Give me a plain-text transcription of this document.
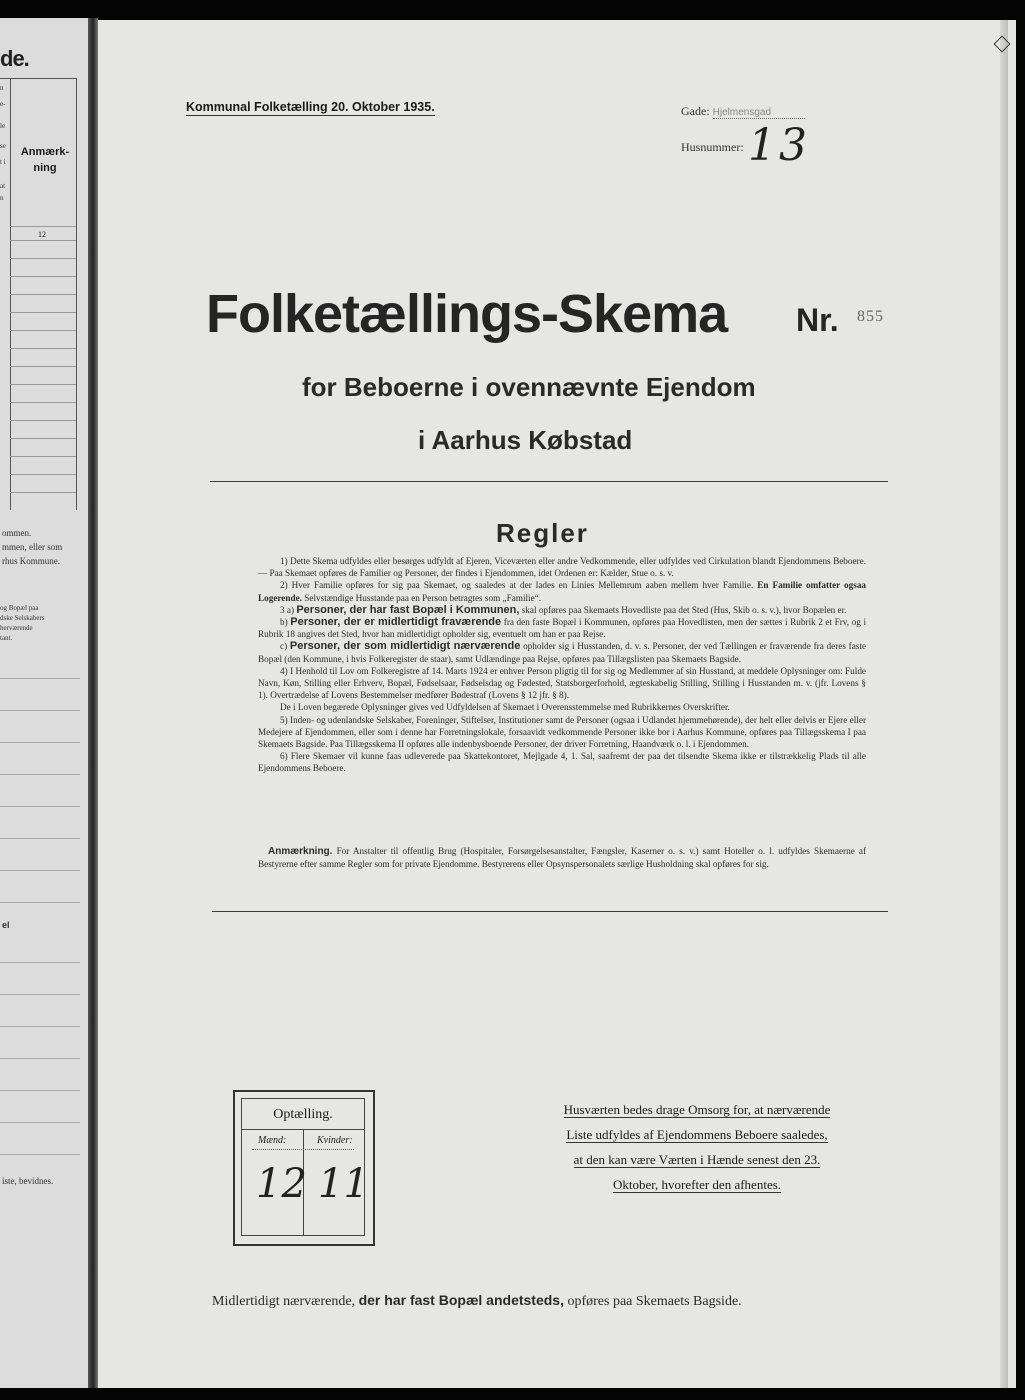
de.
n
e-
le
se
t i
at
n
Anmærk-ning
12
ommen.
mmen, eller som
rhus Kommune.
og Bopæl paa
dske Selskabers
herværende
tant.
el
iste, bevidnes.
Kommunal Folketælling 20. Oktober 1935.	Gade: Hjelmensgad
Husnummer: 13
Folketællings-Skema Nr. 855
for Beboerne i ovennævnte Ejendom
i Aarhus Købstad
Regler

1) Dette Skema udfyldes eller besørges udfyldt af Ejeren, Viceværten eller andre Vedkommende, eller udfyldes ved Cirkulation blandt Ejendommens Beboere. — Paa Skemaet opføres de Familier og Personer, der findes i Ejendommen, idet Ordenen er: Kælder, Stue o. s. v.

2) Hver Familie opføres for sig paa Skemaet, og saaledes at der lades en Linies Mellemrum aaben mellem hver Familie. En Familie omfatter ogsaa Logerende. Selvstændige Husstande paa en Person betragtes som „Familie“.

3 a) Personer, der har fast Bopæl i Kommunen, skal opføres paa Skemaets Hovedliste paa det Sted (Hus, Skib o. s. v.), hvor Bopælen er.

b) Personer, der er midlertidigt fraværende fra den faste Bopæl i Kommunen, opføres paa Hovedlisten, men der sættes i Rubrik 2 et Frv, og i Rubrik 18 angives det Sted, hvor han midlertidigt opholder sig, eventuelt om han er paa Rejse.

c) Personer, der som midlertidigt nærværende opholder sig i Husstanden, d. v. s. Personer, der ved Tællingen er fraværende fra deres faste Bopæl (den Kommune, i hvis Folkeregister de staar), samt Udlændinge paa Rejse, opføres paa Tillægslisten paa Skemaets Bagside.

4) I Henhold til Lov om Folkeregistre af 14. Marts 1924 er enhver Person pligtig til for sig og Medlemmer af sin Husstand, at meddele Oplysninger om: Fulde Navn, Køn, Stilling eller Erhverv, Bopæl, Fødselsaar, Fødselsdag og Fødested, Statsborgerforhold, ægteskabelig Stilling, Stilling i Husstanden m. v. (jfr. Lovens § 1). Overtrædelse af Lovens Bestemmelser medfører Bødestraf (Lovens § 12 jfr. § 8).

De i Loven begærede Oplysninger gives ved Udfyldelsen af Skemaet i Overensstemmelse med Rubrikkernes Overskrifter.

5) Inden- og udenlandske Selskaber, Foreninger, Stiftelser, Institutioner samt de Personer (ogsaa i Udlandet hjemmehørende), der helt eller delvis er Ejere eller Medejere af Ejendommen, eller som i denne har Forretningslokale, forsaavidt vedkommende Personer ikke bor i Aarhus Kommune, opføres paa Tillægsskema I paa Skemaets Bagside. Paa Tillægsskema II opføres alle indenbysboende Personer, der driver Forretning, Haandværk o. l. i Ejendommen.

6) Flere Skemaer vil kunne faas udleverede paa Skattekontoret, Mejlgade 4, 1. Sal, saafremt der paa det tilsendte Skema ikke er tilstrækkelig Plads til alle Ejendommens Beboere.

Anmærkning. For Anstalter til offentlig Brug (Hospitaler, Forsørgelsesanstalter, Fængsler, Kaserner o. s. v.) samt Hoteller o. l. udfyldes Skemaerne af Bestyrerne efter samme Regler som for private Ejendomme. Bestyrerens eller Opsynspersonalets særlige Husholdning skal opføres for sig.

Optælling.
Mænd:	Kvinder:
12 11
Husværten bedes drage Omsorg for, at nærværende
Liste udfyldes af Ejendommens Beboere saaledes,
at den kan være Værten i Hænde senest den 23.
Oktober, hvorefter den afhentes.
Midlertidigt nærværende, der har fast Bopæl andetsteds, opføres paa Skemaets Bagside.
